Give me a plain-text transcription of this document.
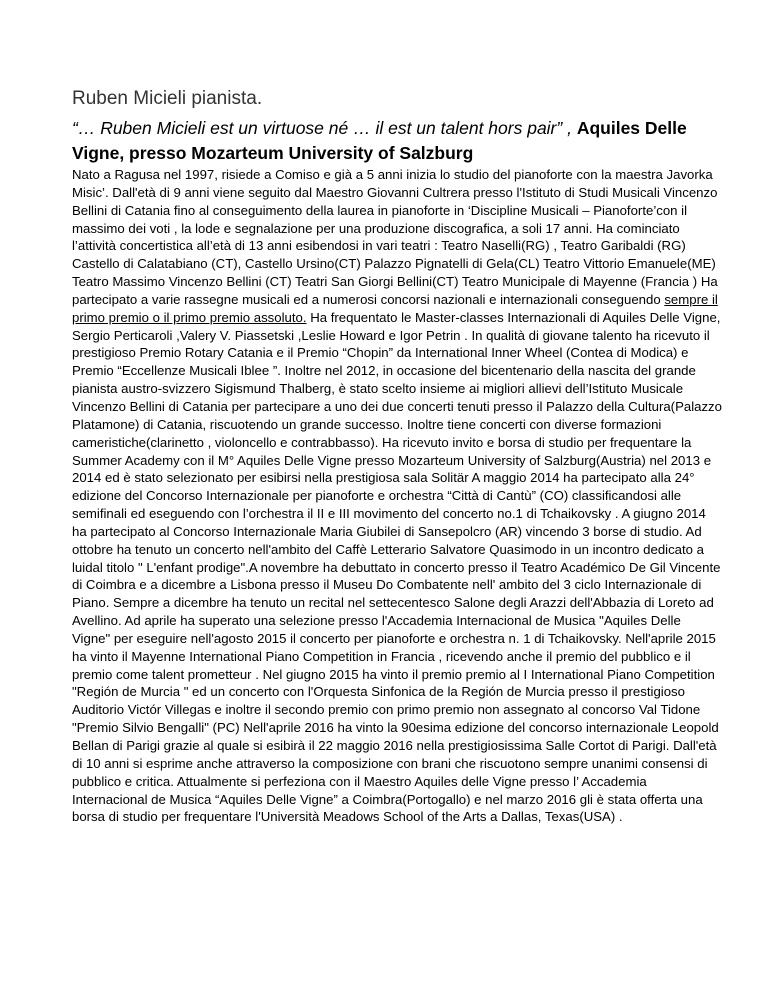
Ruben Micieli pianista.
“… Ruben Micieli est un virtuose né … il est un talent hors pair” , Aquiles Delle Vigne, presso Mozarteum University of Salzburg
Nato a Ragusa nel 1997, risiede a Comiso e già a 5 anni inizia lo studio del pianoforte con la maestra Javorka Misic’. Dall'età di 9 anni viene seguito dal Maestro Giovanni Cultrera presso l'Istituto di Studi Musicali Vincenzo Bellini di Catania fino al conseguimento della laurea in pianoforte in ‘Discipline Musicali – Pianoforte’con il massimo dei voti , la lode e segnalazione per una produzione discografica, a soli 17 anni. Ha cominciato l’attività concertistica all’età di 13 anni esibendosi in vari teatri : Teatro Naselli(RG) , Teatro Garibaldi (RG) Castello di Calatabiano (CT), Castello Ursino(CT) Palazzo Pignatelli di Gela(CL) Teatro Vittorio Emanuele(ME) Teatro Massimo Vincenzo Bellini (CT) Teatri San Giorgi Bellini(CT) Teatro Municipale di Mayenne (Francia ) Ha partecipato a varie rassegne musicali ed a numerosi concorsi nazionali e internazionali conseguendo sempre il primo premio o il primo premio assoluto. Ha frequentato le Master-classes Internazionali di Aquiles Delle Vigne, Sergio Perticaroli ,Valery V. Piassetski ,Leslie Howard e Igor Petrin . In qualità di giovane talento ha ricevuto il prestigioso Premio Rotary Catania e il Premio “Chopin” da International Inner Wheel (Contea di Modica) e Premio “Eccellenze Musicali Iblee ”. Inoltre nel 2012, in occasione del bicentenario della nascita del grande pianista austro-svizzero Sigismund Thalberg, è stato scelto insieme ai migliori allievi dell’Istituto Musicale Vincenzo Bellini di Catania per partecipare a uno dei due concerti tenuti presso il Palazzo della Cultura(Palazzo Platamone) di Catania, riscuotendo un grande successo. Inoltre tiene concerti con diverse formazioni cameristiche(clarinetto , violoncello e contrabbasso). Ha ricevuto invito e borsa di studio per frequentare la Summer Academy con il M° Aquiles Delle Vigne presso Mozarteum University of Salzburg(Austria) nel 2013 e 2014 ed è stato selezionato per esibirsi nella prestigiosa sala Solitär A maggio 2014 ha partecipato alla 24° edizione del Concorso Internazionale per pianoforte e orchestra “Città di Cantù” (CO) classificandosi alle semifinali ed eseguendo con l’orchestra il II e III movimento del concerto no.1 di Tchaikovsky . A giugno 2014 ha partecipato al Concorso Internazionale Maria Giubilei di Sansepolcro (AR) vincendo 3 borse di studio. Ad ottobre ha tenuto un concerto nell'ambito del Caffè Letterario Salvatore Quasimodo in un incontro dedicato a luidal titolo " L'enfant prodige".A novembre ha debuttato in concerto presso il Teatro Académico De Gil Vincente di Coimbra e a dicembre a Lisbona presso il Museu Do Combatente nell' ambito del 3 ciclo Internazionale di Piano. Sempre a dicembre ha tenuto un recital nel settecentesco Salone degli Arazzi dell'Abbazia di Loreto ad Avellino. Ad aprile ha superato una selezione presso l'Accademia Internacional de Musica "Aquiles Delle Vigne" per eseguire nell'agosto 2015 il concerto per pianoforte e orchestra n. 1 di Tchaikovsky. Nell'aprile 2015 ha vinto il Mayenne International Piano Competition in Francia , ricevendo anche il premio del pubblico e il premio come talent prometteur . Nel giugno 2015 ha vinto il premio premio al I International Piano Competition "Región de Murcia " ed un concerto con l'Orquesta Sinfonica de la Región de Murcia presso il prestigioso Auditorio Victór Villegas e inoltre il secondo premio con primo premio non assegnato al concorso Val Tidone "Premio Silvio Bengalli" (PC) Nell'aprile 2016 ha vinto la 90esima edizione del concorso internazionale Leopold Bellan di Parigi grazie al quale si esibirà il 22 maggio 2016 nella prestigiosissima Salle Cortot di Parigi. Dall'età di 10 anni si esprime anche attraverso la composizione con brani che riscuotono sempre unanimi consensi di pubblico e critica. Attualmente si perfeziona con il Maestro Aquiles delle Vigne presso l’ Accademia Internacional de Musica “Aquiles Delle Vigne” a Coimbra(Portogallo) e nel marzo 2016 gli è stata offerta una borsa di studio per frequentare l'Università Meadows School of the Arts a Dallas, Texas(USA) .
